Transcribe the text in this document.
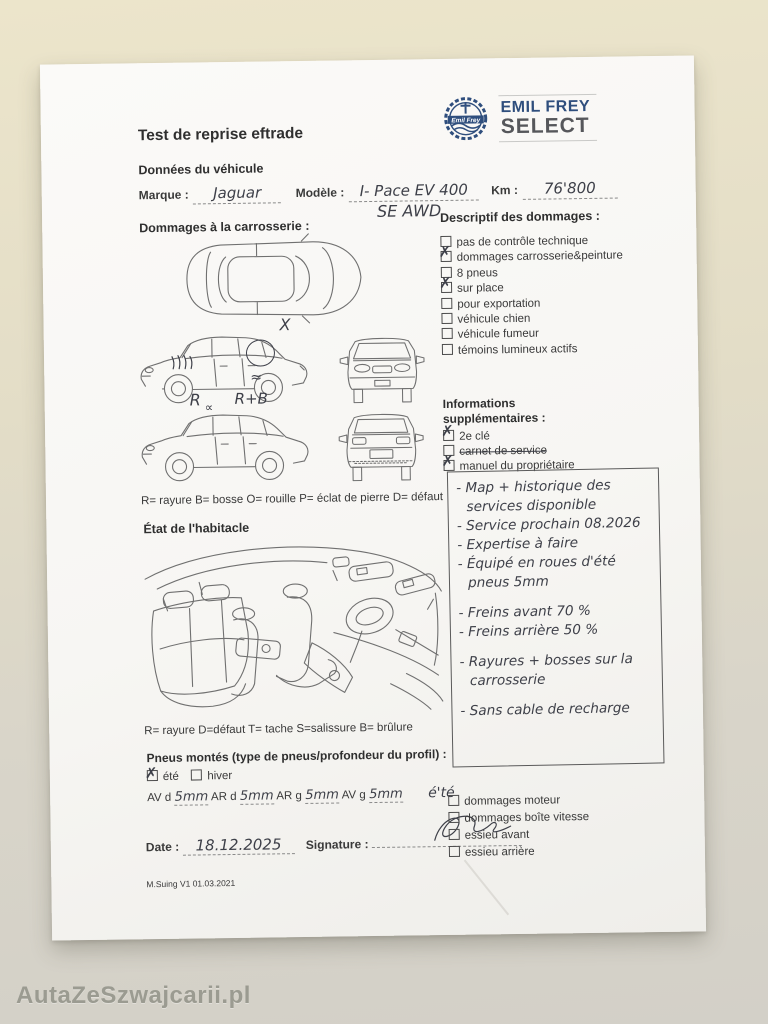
AutaZeSzwajcarii.pl
Emil Frey
EMIL FREY
SELECT
Test de reprise eftrade
Données du véhicule
Marque : Jaguar	Modèle : I- Pace EV 400
SE AWD
Km : 76'800
Dommages à la carrosserie :
Descriptif des dommages :
X
≈
R ∝ R+B
R= rayure B= bosse O= rouille P= éclat de pierre D= défaut
État de l'habitacle
R= rayure D=défaut T= tache S=salissure B= brûlure
Pneus montés (type de pneus/profondeur du profil) :
✗été hiver
AV d 5mm AR d 5mm AR g 5mm AV g 5mm é'té
Date : 18.12.2025 Signature :
M.Suing V1 01.03.2021
pas de contrôle technique
✗dommages carrosserie&peinture
8 pneus
✗sur place
pour exportation
véhicule chien
véhicule fumeur
témoins lumineux actifs
Informations supplémentaires :
✗2e clé
carnet de service
✗manuel du propriétaire
- Map + historique des services disponible
- Service prochain 08.2026
- Expertise à faire
- Équipé en roues d'été pneus 5mm
- Freins avant 70 %
- Freins arrière 50 %
- Rayures + bosses sur la carrosserie
- Sans cable de recharge
dommages moteur
dommages boîte vitesse
essieu avant
essieu arrière
